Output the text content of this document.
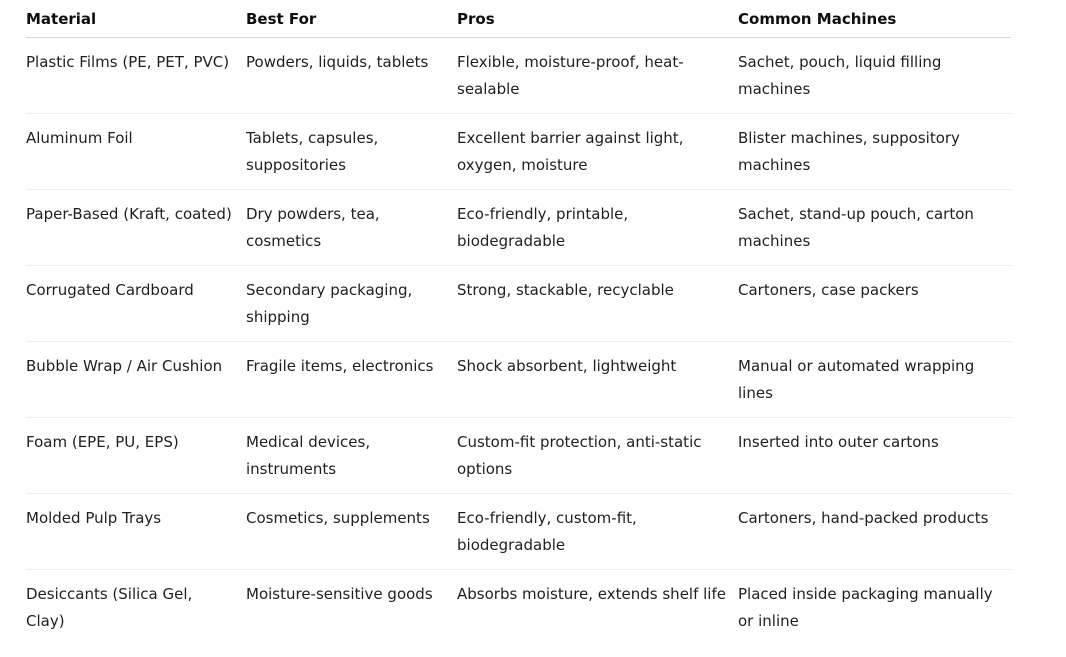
Material	Best For	Pros	Common Machines
Plastic Films (PE, PET, PVC)	Powders, liquids, tablets	Flexible, moisture-proof, heat-sealable	Sachet, pouch, liquid filling machines
Aluminum Foil	Tablets, capsules, suppositories	Excellent barrier against light, oxygen, moisture	Blister machines, suppository machines
Paper-Based (Kraft, coated)	Dry powders, tea, cosmetics	Eco-friendly, printable, biodegradable	Sachet, stand-up pouch, carton machines
Corrugated Cardboard	Secondary packaging, shipping	Strong, stackable, recyclable	Cartoners, case packers
Bubble Wrap / Air Cushion	Fragile items, electronics	Shock absorbent, lightweight	Manual or automated wrapping lines
Foam (EPE, PU, EPS)	Medical devices, instruments	Custom-fit protection, anti-static options	Inserted into outer cartons
Molded Pulp Trays	Cosmetics, supplements	Eco-friendly, custom-fit, biodegradable	Cartoners, hand-packed products
Desiccants (Silica Gel, Clay)	Moisture-sensitive goods	Absorbs moisture, extends shelf life	Placed inside packaging manually or inline
